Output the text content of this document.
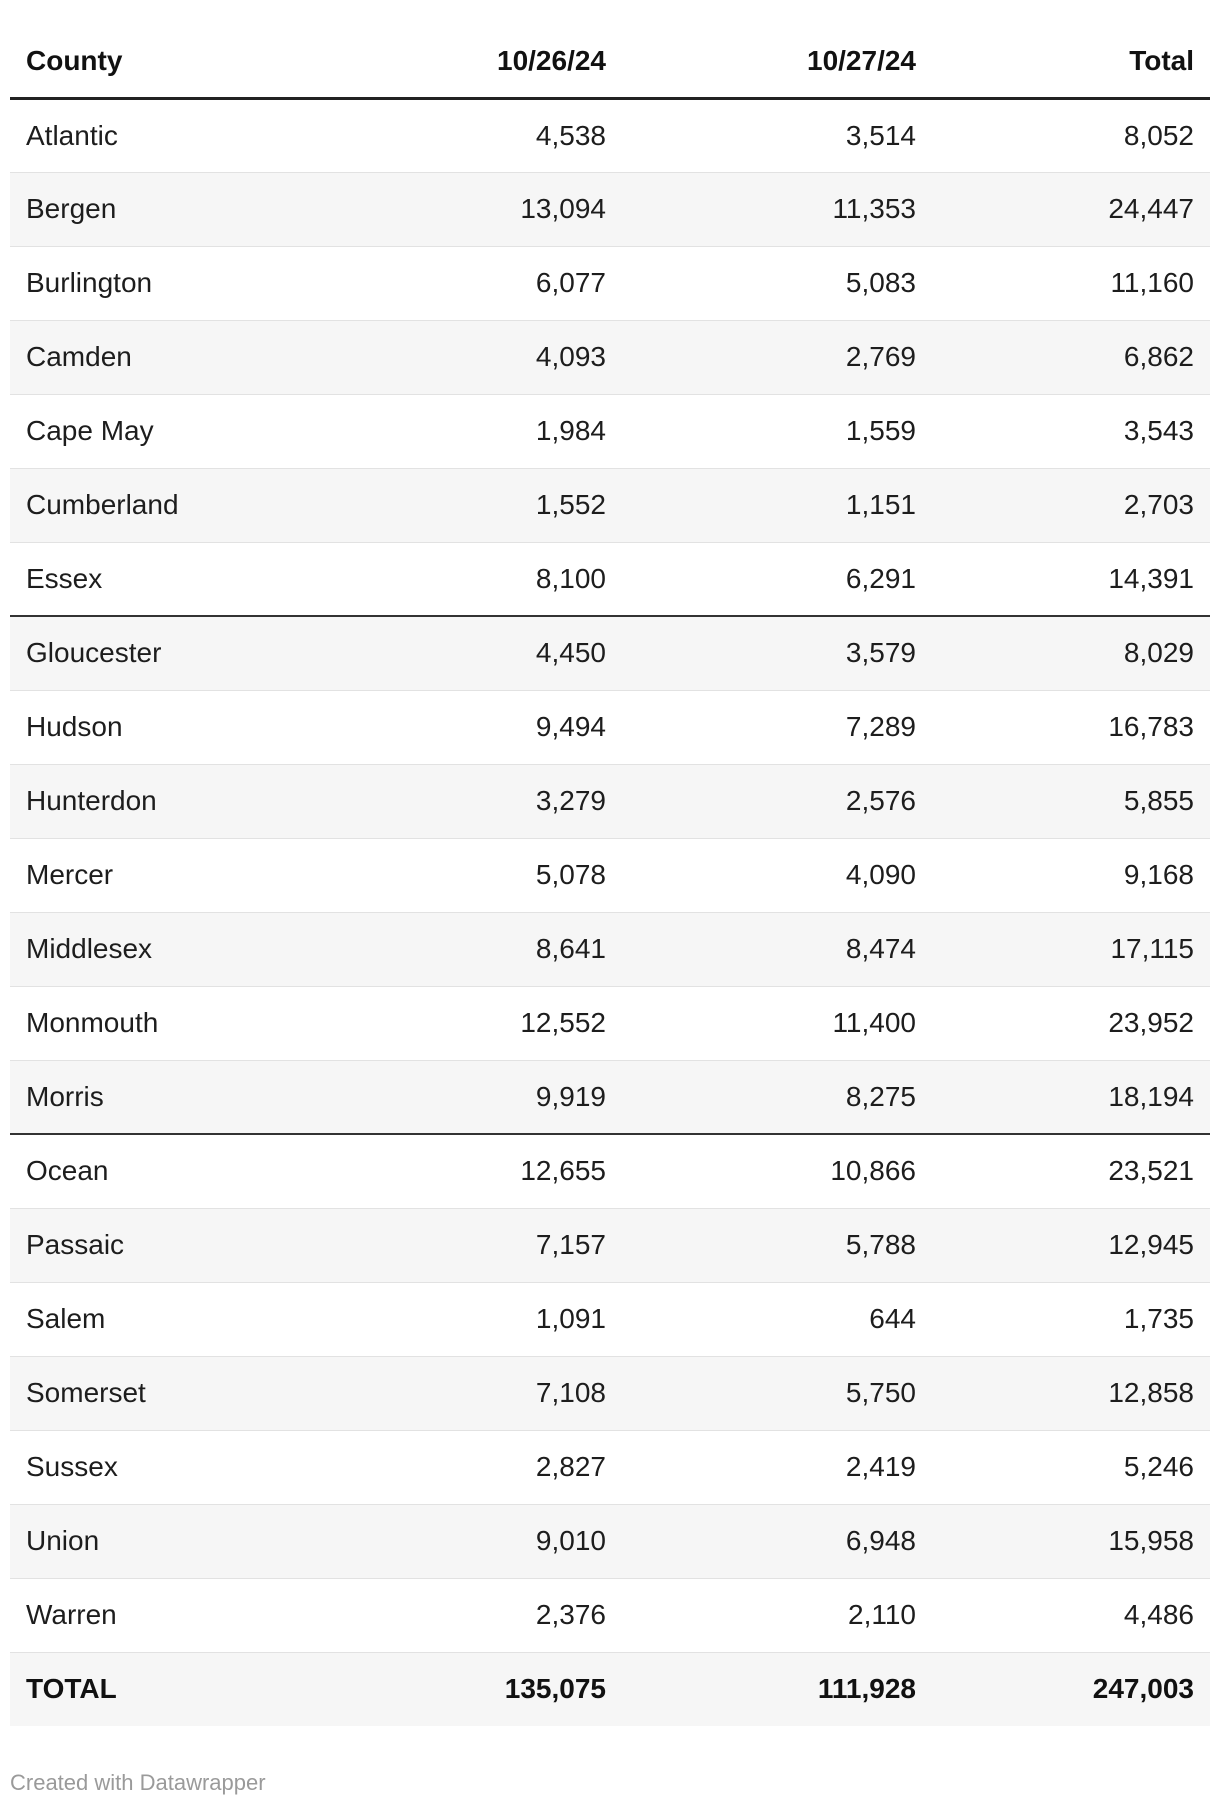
County	10/26/24	10/27/24	Total
Atlantic	4,538	3,514	8,052
Bergen	13,094	11,353	24,447
Burlington	6,077	5,083	11,160
Camden	4,093	2,769	6,862
Cape May	1,984	1,559	3,543
Cumberland	1,552	1,151	2,703
Essex	8,100	6,291	14,391
Gloucester	4,450	3,579	8,029
Hudson	9,494	7,289	16,783
Hunterdon	3,279	2,576	5,855
Mercer	5,078	4,090	9,168
Middlesex	8,641	8,474	17,115
Monmouth	12,552	11,400	23,952
Morris	9,919	8,275	18,194
Ocean	12,655	10,866	23,521
Passaic	7,157	5,788	12,945
Salem	1,091	644	1,735
Somerset	7,108	5,750	12,858
Sussex	2,827	2,419	5,246
Union	9,010	6,948	15,958
Warren	2,376	2,110	4,486
TOTAL	135,075	111,928	247,003
Created with Datawrapper
